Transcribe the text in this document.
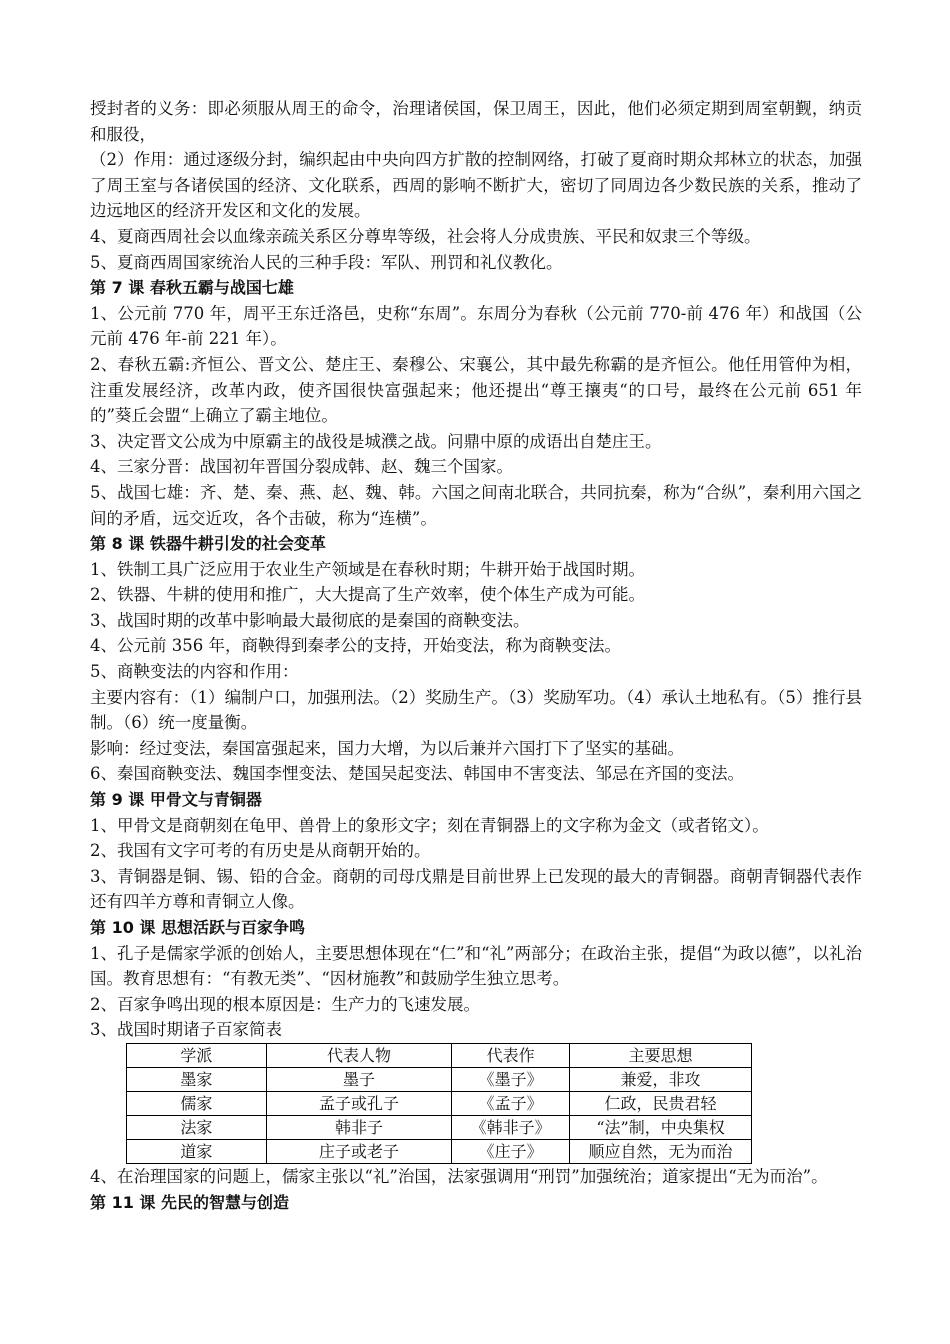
授封者的义务：即必须服从周王的命令，治理诸侯国，保卫周王，因此，他们必须定期到周室朝觐，纳贡和服役，

（2）作用：通过逐级分封，编织起由中央向四方扩散的控制网络，打破了夏商时期众邦林立的状态，加强了周王室与各诸侯国的经济、文化联系，西周的影响不断扩大，密切了同周边各少数民族的关系，推动了边远地区的经济开发区和文化的发展。

4、夏商西周社会以血缘亲疏关系区分尊卑等级，社会将人分成贵族、平民和奴隶三个等级。

5、夏商西周国家统治人民的三种手段：军队、刑罚和礼仪教化。

第 7 课 春秋五霸与战国七雄

1、公元前 770 年，周平王东迁洛邑，史称“东周”。东周分为春秋（公元前 770-前 476 年）和战国（公元前 476 年-前 221 年）。

2、春秋五霸:齐恒公、晋文公、楚庄王、秦穆公、宋襄公，其中最先称霸的是齐恒公。他任用管仲为相，注重发展经济，改革内政，使齐国很快富强起来；他还提出“尊王攘夷“的口号，最终在公元前 651 年的”葵丘会盟“上确立了霸主地位。

3、决定晋文公成为中原霸主的战役是城濮之战。问鼎中原的成语出自楚庄王。

4、三家分晋：战国初年晋国分裂成韩、赵、魏三个国家。

5、战国七雄：齐、楚、秦、燕、赵、魏、韩。六国之间南北联合，共同抗秦，称为“合纵”，秦利用六国之间的矛盾，远交近攻，各个击破，称为“连横”。

第 8 课 铁器牛耕引发的社会变革

1、铁制工具广泛应用于农业生产领域是在春秋时期；牛耕开始于战国时期。

2、铁器、牛耕的使用和推广，大大提高了生产效率，使个体生产成为可能。

3、战国时期的改革中影响最大最彻底的是秦国的商鞅变法。

4、公元前 356 年，商鞅得到秦孝公的支持，开始变法，称为商鞅变法。

5、商鞅变法的内容和作用：

主要内容有：（1）编制户口，加强刑法。（2）奖励生产。（3）奖励军功。（4）承认土地私有。（5）推行县制。（6）统一度量衡。

影响：经过变法，秦国富强起来，国力大增，为以后兼并六国打下了坚实的基础。

6、秦国商鞅变法、魏国李悝变法、楚国吴起变法、韩国申不害变法、邹忌在齐国的变法。

第 9 课 甲骨文与青铜器

1、甲骨文是商朝刻在龟甲、兽骨上的象形文字；刻在青铜器上的文字称为金文（或者铭文）。

2、我国有文字可考的有历史是从商朝开始的。

3、青铜器是铜、锡、铅的合金。商朝的司母戊鼎是目前世界上已发现的最大的青铜器。商朝青铜器代表作还有四羊方尊和青铜立人像。

第 10 课 思想活跃与百家争鸣

1、孔子是儒家学派的创始人，主要思想体现在“仁”和“礼”两部分；在政治主张，提倡“为政以德”，以礼治国。教育思想有：“有教无类”、“因材施教”和鼓励学生独立思考。

2、百家争鸣出现的根本原因是：生产力的飞速发展。

3、战国时期诸子百家简表

学派	代表人物	代表作	主要思想
墨家	墨子	《墨子》	兼爱，非攻
儒家	孟子或孔子	《孟子》	仁政，民贵君轻
法家	韩非子	《韩非子》	“法”制，中央集权
道家	庄子或老子	《庄子》	顺应自然，无为而治

4、在治理国家的问题上，儒家主张以“礼”治国，法家强调用“刑罚”加强统治；道家提出“无为而治”。

第 11 课 先民的智慧与创造
